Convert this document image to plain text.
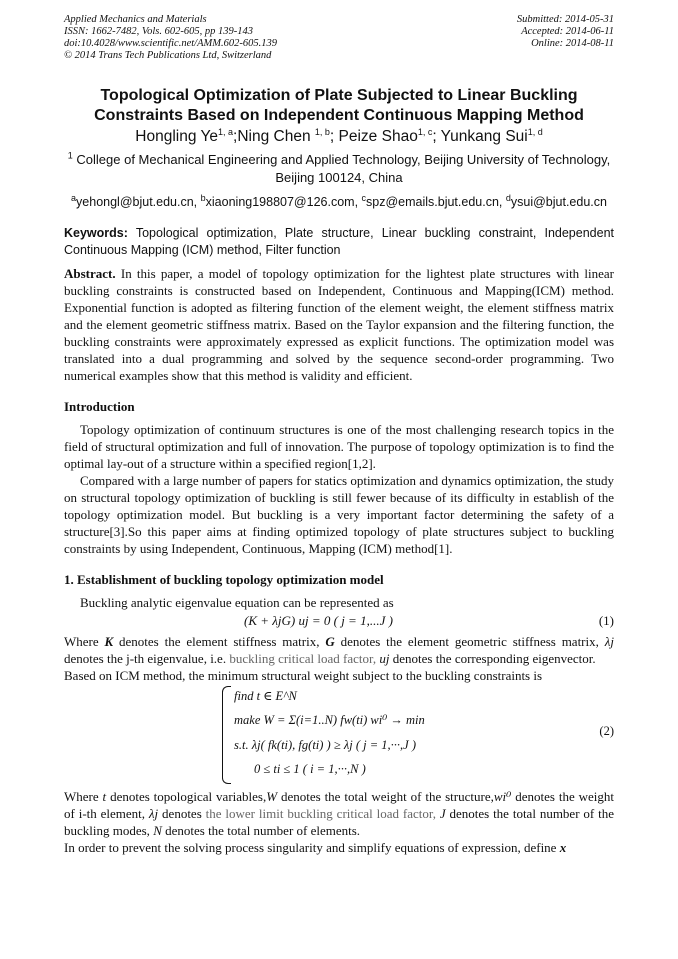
Applied Mechanics and Materials
ISSN: 1662-7482, Vols. 602-605, pp 139-143
doi:10.4028/www.scientific.net/AMM.602-605.139
© 2014 Trans Tech Publications Ltd, Switzerland
Submitted: 2014-05-31
Accepted: 2014-06-11
Online: 2014-08-11
Topological Optimization of Plate Subjected to Linear Buckling Constraints Based on Independent Continuous Mapping Method
Hongling Ye$^{1, a}$;Ning Chen $^{1, b}$; Peize Shao$^{1, c}$; Yunkang Sui$^{1, d}$
$^1$ College of Mechanical Engineering and Applied Technology, Beijing University of Technology, Beijing 100124, China
$^a$yehongl@bjut.edu.cn, $^b$xiaoning198807@126.com, $^c$spz@emails.bjut.edu.cn, $^d$ysui@bjut.edu.cn
Keywords: Topological optimization, Plate structure, Linear buckling constraint, Independent Continuous Mapping (ICM) method, Filter function

Abstract. In this paper, a model of topology optimization for the lightest plate structures with linear buckling constraints is constructed based on Independent, Continuous and Mapping(ICM) method. Exponential function is adopted as filtering function of the element weight, the element stiffness matrix and the element geometric stiffness matrix. Based on the Taylor expansion and the filtering function, the buckling constraints were approximately expressed as explicit functions. The optimization model was translated into a dual programming and solved by the sequence second-order programming. Two numerical examples show that this method is validity and efficient.

Introduction

Topology optimization of continuum structures is one of the most challenging research topics in the field of structural optimization and full of innovation. The purpose of topology optimization is to find the optimal lay-out of a structure within a specified region[1,2].

Compared with a large number of papers for statics optimization and dynamics optimization, the study on structural topology optimization of buckling is still fewer because of its difficulty in establish of the topology optimization model. But buckling is a very important factor determining the safety of a structure[3].So this paper aims at finding optimized topology of plate structures subject to buckling constraints by using Independent, Continuous, Mapping (ICM) method[1].

1. Establishment of buckling topology optimization model

Buckling analytic eigenvalue equation can be represented as

(K + λjG) uj = 0 ( j = 1,...J )	(1)

Where K denotes the element stiffness matrix, G denotes the element geometric stiffness matrix, λj denotes the j-th eigenvalue, i.e. buckling critical load factor, uj denotes the corresponding eigenvector.

Based on ICM method, the minimum structural weight subject to the buckling constraints is

find t ∈ E^N
make W = Σ(i=1..N) fw(ti) wi⁰ → min
s.t. λj( fk(ti), fg(ti) ) ≥ λj ( j = 1,···,J )
0 ≤ ti ≤ 1 ( i = 1,···,N )
(2)

Where t denotes topological variables,W denotes the total weight of the structure,wi⁰ denotes the weight of i-th element, λj denotes the lower limit buckling critical load factor, J denotes the total number of the buckling modes, N denotes the total number of elements.

In order to prevent the solving process singularity and simplify equations of expression, define x
